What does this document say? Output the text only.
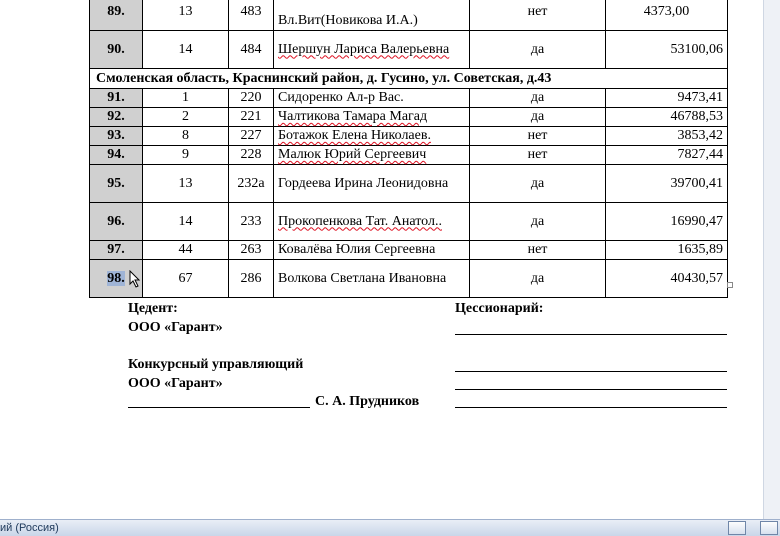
89.	13	483	Вл.Вит(Новикова И.А.)	нет	4373,00
90.	14	484	Шершун Лариса Валерьевна	да	53100,06
Смоленская область, Краснинский район, д. Гусино, ул. Советская, д.43					
91.	1	220	Сидоренко Ал-р Вас.	да	9473,41
92.	2	221	Чалтикова Тамара Магад	да	46788,53
93.	8	227	Ботажок Елена Николаев.	нет	3853,42
94.	9	228	Малюк Юрий Сергеевич	нет	7827,44
95.	13	232а	Гордеева Ирина Леонидовна	да	39700,41
96.	14	233	Прокопенкова Тат. Анатол..	да	16990,47
97.	44	263	Ковалёва Юлия Сергеевна	нет	1635,89
98.	67	286	Волкова Светлана Ивановна	да	40430,57
Цедент:
ООО «Гарант»
Конкурсный управляющий
ООО «Гарант»
С. А. Прудников
Цессионарий:
ий (Россия)
